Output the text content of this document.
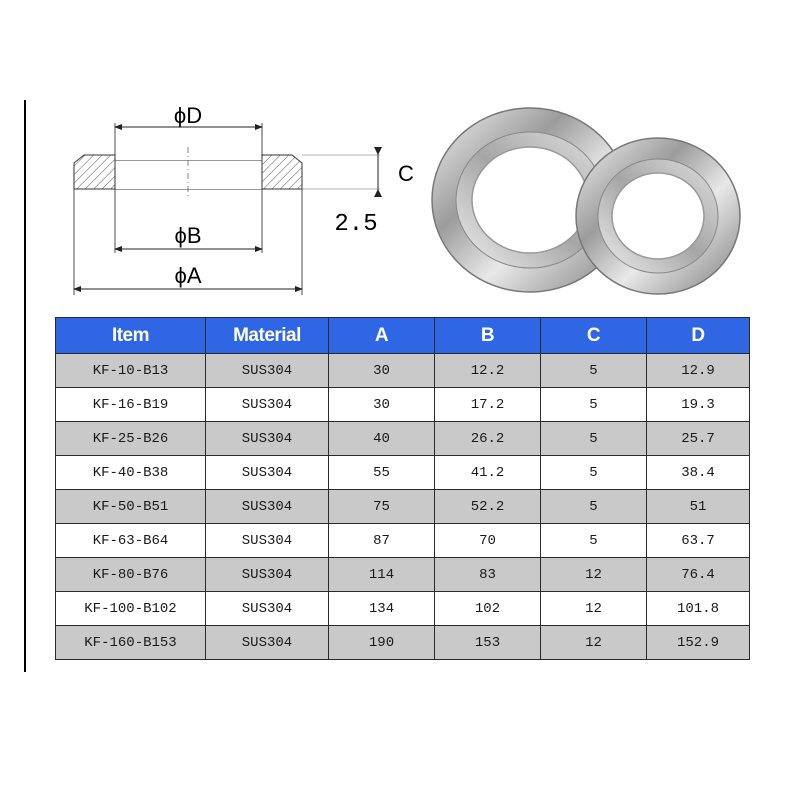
ϕD
C
2.5
ϕB
ϕA
Item	Material	A	B	C	D
KF-10-B13	SUS304	30	12.2	5	12.9
KF-16-B19	SUS304	30	17.2	5	19.3
KF-25-B26	SUS304	40	26.2	5	25.7
KF-40-B38	SUS304	55	41.2	5	38.4
KF-50-B51	SUS304	75	52.2	5	51
KF-63-B64	SUS304	87	70	5	63.7
KF-80-B76	SUS304	114	83	12	76.4
KF-100-B102	SUS304	134	102	12	101.8
KF-160-B153	SUS304	190	153	12	152.9
